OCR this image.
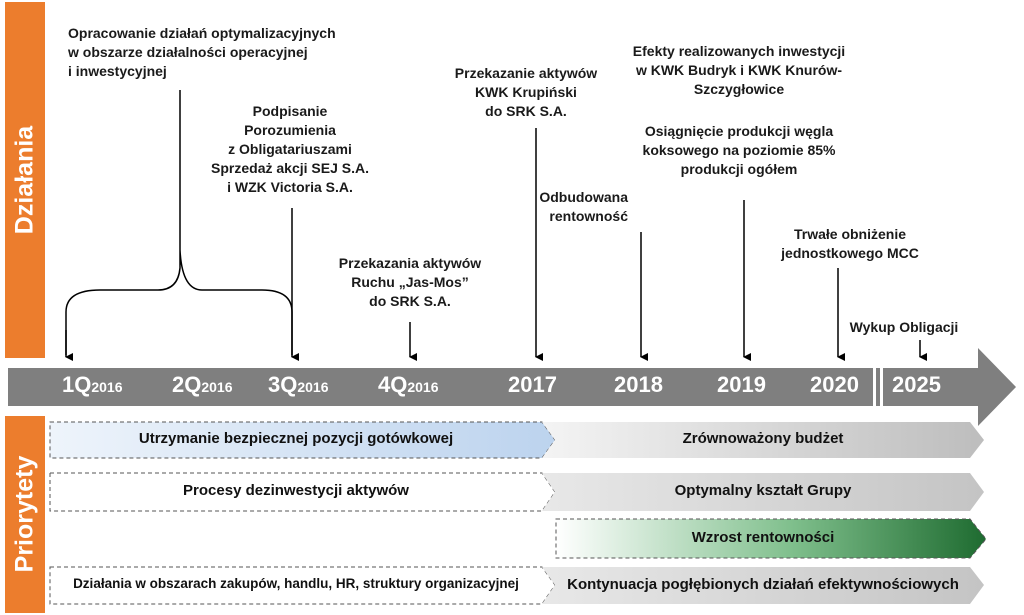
Działania
Priorytety
1Q2016 2Q2016 3Q2016 4Q2016	2017	2018 2019 2020 2025
Opracowanie działań optymalizacyjnych
w obszarze działalności operacyjnej
i inwestycyjnej
Podpisanie
Porozumienia
z Obligatariuszami
Sprzedaż akcji SEJ S.A.
i WZK Victoria S.A.
Przekazania aktywów
Ruchu „Jas-Mos”
do SRK S.A.
Przekazanie aktywów
KWK Krupiński
do SRK S.A.
Odbudowana
rentowność
Efekty realizowanych inwestycji
w KWK Budryk i KWK Knurów-
Szczygłowice
Osiągnięcie produkcji węgla
koksowego na poziomie 85%
produkcji ogółem
Trwałe obniżenie
jednostkowego MCC
Wykup Obligacji
Utrzymanie bezpiecznej pozycji gotówkowej	Zrównoważony budżet
Procesy dezinwestycji aktywów	Optymalny kształt Grupy
Wzrost rentowności
Działania w obszarach zakupów, handlu, HR, struktury organizacyjnej	Kontynuacja pogłębionych działań efektywnościowych
